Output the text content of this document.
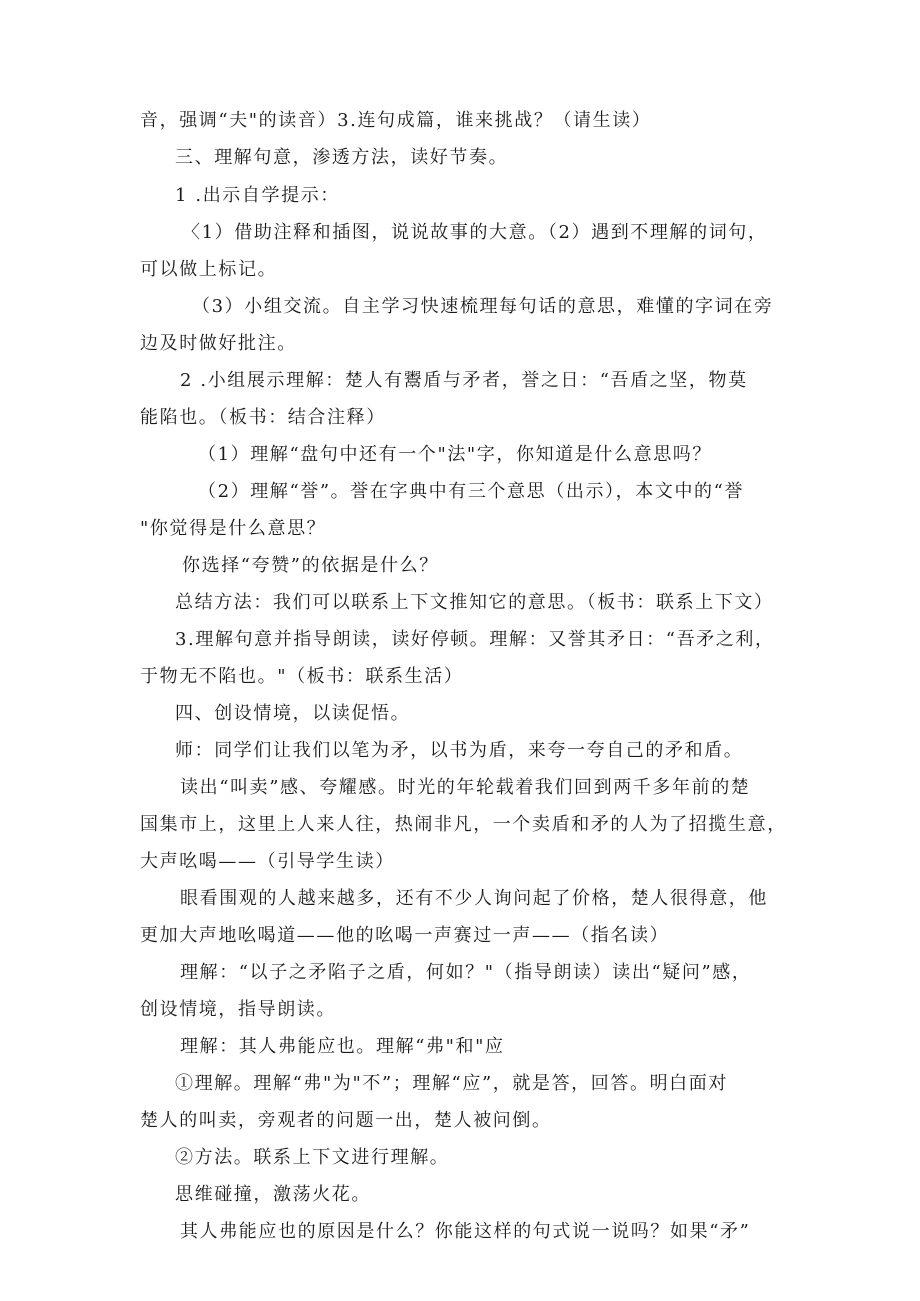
音，强调“夫"的读音）3.连句成篇，谁来挑战？（请生读）
三、理解句意，渗透方法，读好节奏。
1 .出示自学提示：
〈1）借助注释和插图，说说故事的大意。（2）遇到不理解的词句，
可以做上标记。
（3）小组交流。自主学习快速梳理每句话的意思，难懂的字词在旁
边及时做好批注。
2 .小组展示理解：楚人有鬻盾与矛者，誉之日：“吾盾之坚，物莫
能陷也。（板书：结合注释）
（1）理解“盘句中还有一个"法"字，你知道是什么意思吗？
（2）理解“誉”。誉在字典中有三个意思（出示），本文中的“誉
"你觉得是什么意思？
你选择“夸赞”的依据是什么？
总结方法：我们可以联系上下文推知它的意思。（板书：联系上下文）
3.理解句意并指导朗读，读好停顿。理解：又誉其矛日：“吾矛之利，
于物无不陷也。"（板书：联系生活）
四、创设情境，以读促悟。
师：同学们让我们以笔为矛，以书为盾，来夸一夸自己的矛和盾。
读出“叫卖”感、夸耀感。时光的年轮载着我们回到两千多年前的楚
国集市上，这里上人来人往，热闹非凡，一个卖盾和矛的人为了招揽生意，
大声吆喝——（引导学生读）
眼看围观的人越来越多，还有不少人询问起了价格，楚人很得意，他
更加大声地吆喝道——他的吆喝一声赛过一声——（指名读）
理解：“以子之矛陷子之盾，何如？"（指导朗读）读出“疑问”感，
创设情境，指导朗读。
理解：其人弗能应也。理解“弗"和"应
①理解。理解“弗"为"不”；理解“应”，就是答，回答。明白面对
楚人的叫卖，旁观者的问题一出，楚人被问倒。
②方法。联系上下文进行理解。
思维碰撞，激荡火花。
其人弗能应也的原因是什么？你能这样的句式说一说吗？如果“矛”
